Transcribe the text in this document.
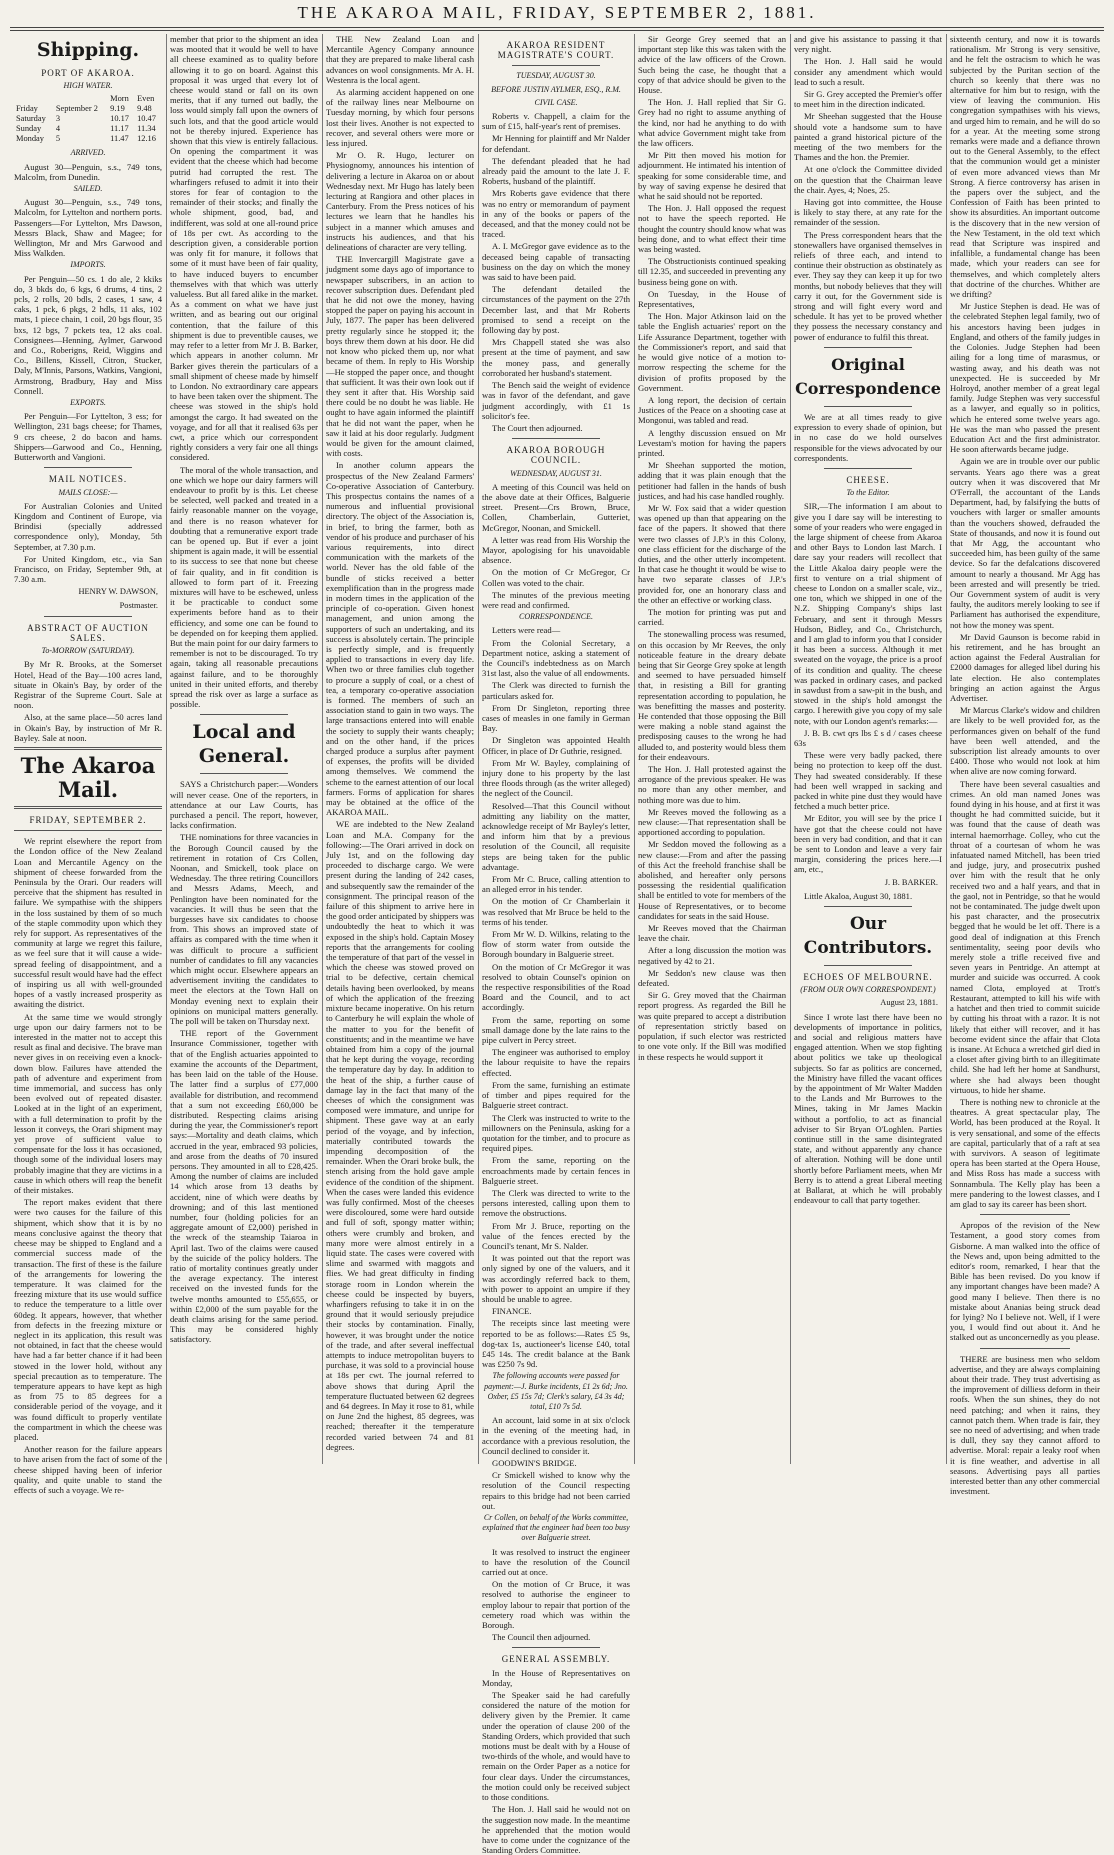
THE AKAROA MAIL, FRIDAY, SEPTEMBER 2, 1881.
Shipping.
PORT OF AKAROA.
HIGH WATER.
		Morn	Even
Friday	September 2	9.19	9.48
Saturday	3	10.17	10.47
Sunday	4	11.17	11.34
Monday	5	11.47	12.16
ARRIVED.

August 30—Penguin, s.s., 749 tons, Malcolm, from Dunedin.

SAILED.

August 30—Penguin, s.s., 749 tons, Malcolm, for Lyttelton and northern ports. Passengers—For Lyttelton, Mrs Dawson, Messrs Black, Shaw and Magee; for Wellington, Mr and Mrs Garwood and Miss Walkden.

IMPORTS.

Per Penguin—50 cs. 1 do ale, 2 kkiks do, 3 bkds do, 6 kgs, 6 drums, 4 tins, 2 pcls, 2 rolls, 20 bdls, 2 cases, 1 saw, 4 caks, 1 pck, 6 pkgs, 2 hdls, 11 aks, 102 mats, 1 piece chain, 1 coil, 20 bgs flour, 35 bxs, 12 bgs, 7 pckets tea, 12 aks coal. Consignees—Henning, Aylmer, Garwood and Co., Roberigns, Reid, Wiggins and Co., Billens, Kissell, Citron, Stucker, Daly, M'Innis, Parsons, Watkins, Vangioni, Armstrong, Bradbury, Hay and Miss Connell.

EXPORTS.

Per Penguin—For Lyttelton, 3 ess; for Wellington, 231 bags cheese; for Thames, 9 crs cheese, 2 do bacon and hams. Shippers—Garwood and Co., Henning, Butterworth and Vangioni.

MAIL NOTICES.
MAILS CLOSE:—

For Australian Colonies and United Kingdom and Continent of Europe, via Brindisi (specially addressed correspondence only), Monday, 5th September, at 7.30 p.m.

For United Kingdom, etc., via San Francisco, on Friday, September 9th, at 7.30 a.m.

HENRY W. DAWSON,
Postmaster.
ABSTRACT OF AUCTION SALES.
To-MORROW (SATURDAY).

By Mr R. Brooks, at the Somerset Hotel, Head of the Bay—100 acres land, situate in Okain's Bay, by order of the Registrar of the Supreme Court. Sale at noon.

Also, at the same place—50 acres land in Okain's Bay, by instruction of Mr R. Bayley. Sale at noon.

The Akaroa Mail.
FRIDAY, SEPTEMBER 2.

We reprint elsewhere the report from the London office of the New Zealand Loan and Mercantile Agency on the shipment of cheese forwarded from the Peninsula by the Orari. Our readers will perceive that the shipment has resulted in failure. We sympathise with the shippers in the loss sustained by them of so much of the staple commodity upon which they rely for support. As representatives of the community at large we regret this failure, as we feel sure that it will cause a wide-spread feeling of disappointment, and a successful result would have had the effect of inspiring us all with well-grounded hopes of a vastly increased prosperity as awaiting the district.

At the same time we would strongly urge upon our dairy farmers not to be interested in the matter not to accept this result as final and decisive. The brave man never gives in on receiving even a knock-down blow. Failures have attended the path of adventure and experiment from time immemorial, and success has only been evolved out of repeated disaster. Looked at in the light of an experiment, with a full determination to profit by the lesson it conveys, the Orari shipment may yet prove of sufficient value to compensate for the loss it has occasioned, though some of the individual losers may probably imagine that they are victims in a cause in which others will reap the benefit of their mistakes.

The report makes evident that there were two causes for the failure of this shipment, which show that it is by no means conclusive against the theory that cheese may be shipped to England and a commercial success made of the transaction. The first of these is the failure of the arrangements for lowering the temperature. It was claimed for the freezing mixture that its use would suffice to reduce the temperature to a little over 60deg. It appears, however, that whether from defects in the freezing mixture or neglect in its application, this result was not obtained, in fact that the cheese would have had a far better chance if it had been stowed in the lower hold, without any special precaution as to temperature. The temperature appears to have kept as high as from 75 to 85 degrees for a considerable period of the voyage, and it was found difficult to properly ventilate the compartment in which the cheese was placed.

Another reason for the failure appears to have arisen from the fact of some of the cheese shipped having been of inferior quality, and quite unable to stand the effects of such a voyage. We re-

member that prior to the shipment an idea was mooted that it would be well to have all cheese examined as to quality before allowing it to go on board. Against this proposal it was urged that every lot of cheese would stand or fall on its own merits, that if any turned out badly, the loss would simply fall upon the owners of such lots, and that the good article would not be thereby injured. Experience has shown that this view is entirely fallacious. On opening the compartment it was evident that the cheese which had become putrid had corrupted the rest. The wharfingers refused to admit it into their stores for fear of contagion to the remainder of their stocks; and finally the whole shipment, good, bad, and indifferent, was sold at one all-round price of 18s per cwt. As according to the description given, a considerable portion was only fit for manure, it follows that some of it must have been of fair quality, to have induced buyers to encumber themselves with that which was utterly valueless. But all fared alike in the market. As a comment on what we have just written, and as bearing out our original contention, that the failure of this shipment is due to preventible causes, we may refer to a letter from Mr J. B. Barker, which appears in another column. Mr Barker gives therein the particulars of a small shipment of cheese made by himself to London. No extraordinary care appears to have been taken over the shipment. The cheese was stowed in the ship's hold amongst the cargo. It had sweated on the voyage, and for all that it realised 63s per cwt, a price which our correspondent rightly considers a very fair one all things considered.

The moral of the whole transaction, and one which we hope our dairy farmers will endeavour to profit by is this. Let cheese be selected, well packed and treated in a fairly reasonable manner on the voyage, and there is no reason whatever for doubting that a remunerative export trade can be opened up. But if ever a joint shipment is again made, it will be essential to its success to see that none but cheese of fair quality, and in fit condition is allowed to form part of it. Freezing mixtures will have to be eschewed, unless it be practicable to conduct some experiments before hand as to their efficiency, and some one can be found to be depended on for keeping them applied. But the main point for our dairy farmers to remember is not to be discouraged. To try again, taking all reasonable precautions against failure, and to be thoroughly united in their united efforts, and thereby spread the risk over as large a surface as possible.

Local and General.

SAYS a Christchurch paper:—Wonders will never cease. One of the reporters, in attendance at our Law Courts, has purchased a pencil. The report, however, lacks confirmation.

THE nominations for three vacancies in the Borough Council caused by the retirement in rotation of Crs Collen, Noonan, and Smickell, took place on Wednesday. The three retiring Councillors and Messrs Adams, Meech, and Penlington have been nominated for the vacancies. It will thus be seen that the burgesses have six candidates to choose from. This shows an improved state of affairs as compared with the time when it was difficult to procure a sufficient number of candidates to fill any vacancies which might occur. Elsewhere appears an advertisement inviting the candidates to meet the electors at the Town Hall on Monday evening next to explain their opinions on municipal matters generally. The poll will be taken on Thursday next.

THE report of the Government Insurance Commissioner, together with that of the English actuaries appointed to examine the accounts of the Department, has been laid on the table of the House. The latter find a surplus of £77,000 available for distribution, and recommend that a sum not exceeding £60,000 be distributed. Respecting claims arising during the year, the Commissioner's report says:—Mortality and death claims, which accrued in the year, embraced 93 policies, and arose from the deaths of 70 insured persons. They amounted in all to £28,425. Among the number of claims are included 14 which arose from 13 deaths by accident, nine of which were deaths by drowning; and of this last mentioned number, four (holding policies for an aggregate amount of £2,000) perished in the wreck of the steamship Taiaroa in April last. Two of the claims were caused by the suicide of the policy holders. The ratio of mortality continues greatly under the average expectancy. The interest received on the invested funds for the twelve months amounted to £55,655, or within £2,000 of the sum payable for the death claims arising for the same period. This may be considered highly satisfactory.

THE New Zealand Loan and Mercantile Agency Company announce that they are prepared to make liberal cash advances on wool consignments. Mr A. H. Westenra is the local agent.

As alarming accident happened on one of the railway lines near Melbourne on Tuesday morning, by which four persons lost their lives. Another is not expected to recover, and several others were more or less injured.

Mr O. R. Hugo, lecturer on Physiognomy, announces his intention of delivering a lecture in Akaroa on or about Wednesday next. Mr Hugo has lately been lecturing at Rangiora and other places in Canterbury. From the Press notices of his lectures we learn that he handles his subject in a manner which amuses and instructs his audiences, and that his delineations of character are very telling.

THE Invercargill Magistrate gave a judgment some days ago of importance to newspaper subscribers, in an action to recover subscription dues. Defendant pled that he did not owe the money, having stopped the paper on paying his account in July, 1877. The paper has been delivered pretty regularly since he stopped it; the boys threw them down at his door. He did not know who picked them up, nor what became of them. In reply to His Worship—He stopped the paper once, and thought that sufficient. It was their own look out if they sent it after that. His Worship said there could be no doubt he was liable. He ought to have again informed the plaintiff that he did not want the paper, when he saw it laid at his door regularly. Judgment would be given for the amount claimed, with costs.

In another column appears the prospectus of the New Zealand Farmers' Co-operative Association of Canterbury. This prospectus contains the names of a numerous and influential provisional directory. The object of the Association is, in brief, to bring the farmer, both as vendor of his produce and purchaser of his various requirements, into direct communication with the markets of the world. Never has the old fable of the bundle of sticks received a better exemplification than in the progress made in modern times in the application of the principle of co-operation. Given honest management, and union among the supporters of such an undertaking, and its success is absolutely certain. The principle is perfectly simple, and is frequently applied to transactions in every day life. When two or three families club together to procure a supply of coal, or a chest of tea, a temporary co-operative association is formed. The members of such an association stand to gain in two ways. The large transactions entered into will enable the society to supply their wants cheaply; and on the other hand, if the prices charged produce a surplus after payment of expenses, the profits will be divided among themselves. We commend the scheme to the earnest attention of our local farmers. Forms of application for shares may be obtained at the office of the AKAROA MAIL.

WE are indebted to the New Zealand Loan and M.A. Company for the following:—The Orari arrived in dock on July 1st, and on the following day proceeded to discharge cargo. We were present during the landing of 242 cases, and subsequently saw the remainder of the consignment. The principal reason of the failure of this shipment to arrive here in the good order anticipated by shippers was undoubtedly the heat to which it was exposed in the ship's hold. Captain Mosey reports that the arrangements for cooling the temperature of that part of the vessel in which the cheese was stowed proved on trial to be defective, certain chemical details having been overlooked, by means of which the application of the freezing mixture became inoperative. On his return to Canterbury he will explain the whole of the matter to you for the benefit of constituents; and in the meantime we have obtained from him a copy of the journal that he kept during the voyage, recording the temperature day by day. In addition to the heat of the ship, a further cause of damage lay in the fact that many of the cheeses of which the consignment was composed were immature, and unripe for shipment. These gave way at an early period of the voyage, and by infection, materially contributed towards the impending decomposition of the remainder. When the Orari broke bulk, the stench arising from the hold gave ample evidence of the condition of the shipment. When the cases were landed this evidence was fully confirmed. Most of the cheeses were discoloured, some were hard outside and full of soft, spongy matter within; others were crumbly and broken, and many more were almost entirely in a liquid state. The cases were covered with slime and swarmed with maggots and flies. We had great difficulty in finding storage room in London wherein the cheese could be inspected by buyers, wharfingers refusing to take it in on the ground that it would seriously prejudice their stocks by contamination. Finally, however, it was brought under the notice of the trade, and after several ineffectual attempts to induce metropolitan buyers to purchase, it was sold to a provincial house at 18s per cwt. The journal referred to above shows that during April the temperature fluctuated between 62 degrees and 64 degrees. In May it rose to 81, while on June 2nd the highest, 85 degrees, was reached; thereafter it the temperature recorded varied between 74 and 81 degrees.

AKAROA RESIDENT MAGISTRATE'S COURT.
TUESDAY, AUGUST 30.
BEFORE JUSTIN AYLMER, ESQ., R.M.
CIVIL CASE.

Roberts v. Chappell, a claim for the sum of £15, half-year's rent of premises.

Mr Henning for plaintiff and Mr Nalder for defendant.

The defendant pleaded that he had already paid the amount to the late J. F. Roberts, husband of the plaintiff.

Mrs Roberts gave evidence that there was no entry or memorandum of payment in any of the books or papers of the deceased, and that the money could not be traced.

A. I. McGregor gave evidence as to the deceased being capable of transacting business on the day on which the money was said to have been paid.

The defendant detailed the circumstances of the payment on the 27th December last, and that Mr Roberts promised to send a receipt on the following day by post.

Mrs Chappell stated she was also present at the time of payment, and saw the money pass, and generally corroborated her husband's statement.

The Bench said the weight of evidence was in favor of the defendant, and gave judgment accordingly, with £1 1s solicitor's fee.

The Court then adjourned.

AKAROA BOROUGH COUNCIL.
WEDNESDAY, AUGUST 31.

A meeting of this Council was held on the above date at their Offices, Balguerie street. Present—Crs Brown, Bruce, Collen, Chamberlain, Gutteriet, McGregor, Noonan, and Smickell.

A letter was read from His Worship the Mayor, apologising for his unavoidable absence.

On the motion of Cr McGregor, Cr Collen was voted to the chair.

The minutes of the previous meeting were read and confirmed.

CORRESPONDENCE.

Letters were read—

From the Colonial Secretary, a Department notice, asking a statement of the Council's indebtedness as on March 31st last, also the value of all endowments.

The Clerk was directed to furnish the particulars asked for.

From Dr Singleton, reporting three cases of measles in one family in German Bay.

Dr Singleton was appointed Health Officer, in place of Dr Guthrie, resigned.

From Mr W. Bayley, complaining of injury done to his property by the last three floods through (as the writer alleged) the neglect of the Council.

Resolved—That this Council without admitting any liability on the matter, acknowledge receipt of Mr Bayley's letter, and inform him that by a previous resolution of the Council, all requisite steps are being taken for the public advantage.

From Mr C. Bruce, calling attention to an alleged error in his tender.

On the motion of Cr Chamberlain it was resolved that Mr Bruce be held to the terms of his tender.

From Mr W. D. Wilkins, relating to the flow of storm water from outside the Borough boundary in Balguerie street.

On the motion of Cr McGregor it was resolved to obtain Counsel's opinion on the respective responsibilities of the Road Board and the Council, and to act accordingly.

From the same, reporting on some small damage done by the late rains to the pipe culvert in Percy street.

The engineer was authorised to employ the labour requisite to have the repairs effected.

From the same, furnishing an estimate of timber and pipes required for the Balguerie street contract.

The Clerk was instructed to write to the millowners on the Peninsula, asking for a quotation for the timber, and to procure as required pipes.

From the same, reporting on the encroachments made by certain fences in Balguerie street.

The Clerk was directed to write to the persons interested, calling upon them to remove the obstructions.

From Mr J. Bruce, reporting on the value of the fences erected by the Council's tenant, Mr S. Nalder.

It was pointed out that the report was only signed by one of the valuers, and it was accordingly referred back to them, with power to appoint an umpire if they should be unable to agree.

FINANCE.

The receipts since last meeting were reported to be as follows:—Rates £5 9s, dog-tax 1s, auctioneer's license £40, total £45 14s. The credit balance at the Bank was £250 7s 9d.

The following accounts were passed for payment:—J. Burke incidents, £1 2s 6d; Jno. Oxber, £5 15s 7d; Clerk's salary, £4 3s 4d; total, £10 7s 5d.

An account, laid some in at six o'clock in the evening of the meeting had, in accordance with a previous resolution, the Council declined to consider it.

GOODWIN'S BRIDGE.

Cr Smickell wished to know why the resolution of the Council respecting repairs to this bridge had not been carried out.

Cr Collen, on behalf of the Works committee, explained that the engineer had been too busy over Balguerie street.

It was resolved to instruct the engineer to have the resolution of the Council carried out at once.

On the motion of Cr Bruce, it was resolved to authorise the engineer to employ labour to repair that portion of the cemetery road which was within the Borough.

The Council then adjourned.

GENERAL ASSEMBLY.

In the House of Representatives on Monday,

The Speaker said he had carefully considered the nature of the motion for delivery given by the Premier. It came under the operation of clause 200 of the Standing Orders, which provided that such motions must be dealt with by a House of two-thirds of the whole, and would have to remain on the Order Paper as a notice for four clear days. Under the circumstances, the motion could only be received subject to those conditions.

The Hon. J. Hall said he would not on the suggestion now made. In the meantime he apprehended that the motion would have to come under the cognizance of the Standing Orders Committee.

Sir George Grey seemed that an important step like this was taken with the advice of the law officers of the Crown. Such being the case, he thought that a copy of that advice should be given to the House.

The Hon. J. Hall replied that Sir G. Grey had no right to assume anything of the kind, nor had he anything to do with what advice Government might take from the law officers.

Mr Pitt then moved his motion for adjournment. He intimated his intention of speaking for some considerable time, and by way of saving expense he desired that what he said should not be reported.

The Hon. J. Hall opposed the request not to have the speech reported. He thought the country should know what was being done, and to what effect their time was being wasted.

The Obstructionists continued speaking till 12.35, and succeeded in preventing any business being gone on with.

On Tuesday, in the House of Representatives,

The Hon. Major Atkinson laid on the table the English actuaries' report on the Life Assurance Department, together with the Commissioner's report, and said that he would give notice of a motion to-morrow respecting the scheme for the division of profits proposed by the Government.

A long report, the decision of certain Justices of the Peace on a shooting case at Mongonui, was tabled and read.

A lengthy discussion ensued on Mr Levestam's motion for having the papers printed.

Mr Sheehan supported the motion, adding that it was plain enough that the petitioner had fallen in the hands of bush justices, and had his case handled roughly.

Mr W. Fox said that a wider question was opened up than that appearing on the face of the papers. It showed that there were two classes of J.P.'s in this Colony, one class efficient for the discharge of the duties, and the other utterly incompetent. In that case he thought it would be wise to have two separate classes of J.P.'s provided for, one an honorary class and the other an effective or working class.

The motion for printing was put and carried.

The stonewalling process was resumed, on this occasion by Mr Reeves, the only noticeable feature in the dreary debate being that Sir George Grey spoke at length and seemed to have persuaded himself that, in resisting a Bill for granting representation according to population, he was benefitting the masses and posterity. He contended that those opposing the Bill were making a noble stand against the predisposing causes to the wrong he had alluded to, and posterity would bless them for their endeavours.

The Hon. J. Hall protested against the arrogance of the previous speaker. He was no more than any other member, and nothing more was due to him.

Mr Reeves moved the following as a new clause:—That representation shall be apportioned according to population.

Mr Seddon moved the following as a new clause:—From and after the passing of this Act the freehold franchise shall be abolished, and hereafter only persons possessing the residential qualification shall be entitled to vote for members of the House of Representatives, or to become candidates for seats in the said House.

Mr Reeves moved that the Chairman leave the chair.

After a long discussion the motion was negatived by 42 to 21.

Mr Seddon's new clause was then defeated.

Sir G. Grey moved that the Chairman report progress. As regarded the Bill he was quite prepared to accept a distribution of representation strictly based on population, if such elector was restricted to one vote only. If the Bill was modified in these respects he would support it

and give his assistance to passing it that very night.

The Hon. J. Hall said he would consider any amendment which would lead to such a result.

Sir G. Grey accepted the Premier's offer to meet him in the direction indicated.

Mr Sheehan suggested that the House should vote a handsome sum to have painted a grand historical picture of the meeting of the two members for the Thames and the hon. the Premier.

At one o'clock the Committee divided on the question that the Chairman leave the chair. Ayes, 4; Noes, 25.

Having got into committee, the House is likely to stay there, at any rate for the remainder of the session.

The Press correspondent hears that the stonewallers have organised themselves in reliefs of three each, and intend to continue their obstruction as obstinately as ever. They say they can keep it up for two months, but nobody believes that they will carry it out, for the Government side is strong and will fight every word and schedule. It has yet to be proved whether they possess the necessary constancy and power of endurance to fulfil this threat.

Original Correspondence

We are at all times ready to give expression to every shade of opinion, but in no case do we hold ourselves responsible for the views advocated by our correspondents.

CHEESE.
To the Editor.

SIR,—The information I am about to give you I dare say will be interesting to some of your readers who were engaged in the large shipment of cheese from Akaroa and other Bays to London last March. I dare say your readers will recollect that the Little Akaloa dairy people were the first to venture on a trial shipment of cheese to London on a smaller scale, viz., one ton, which we shipped in one of the N.Z. Shipping Company's ships last February, and sent it through Messrs Hudson, Bidley, and Co., Christchurch, and I am glad to inform you that I consider it has been a success. Although it met sweated on the voyage, the price is a proof of its condition and quality. The cheese was packed in ordinary cases, and packed in sawdust from a saw-pit in the bush, and stowed in the ship's hold amongst the cargo. I herewith give you copy of my sale note, with our London agent's remarks:—

J. B. B. cwt qrs lbs £ s d / cases cheese 63s

These were very badly packed, there being no protection to keep off the dust. They had sweated considerably. If these had been well wrapped in sacking and packed in white pine dust they would have fetched a much better price.

Mr Editor, you will see by the price I have got that the cheese could not have been in very bad condition, and that it can be sent to London and leave a very fair margin, considering the prices here.—I am, etc.,

J. B. BARKER.

Little Akaloa, August 30, 1881.

Our Contributors.
ECHOES OF MELBOURNE.
(FROM OUR OWN CORRESPONDENT.)
August 23, 1881.

Since I wrote last there have been no developments of importance in politics, and social and religious matters have engaged attention. When we stop fighting about politics we take up theological subjects. So far as politics are concerned, the Ministry have filled the vacant offices by the appointment of Mr Walter Madden to the Lands and Mr Burrowes to the Mines, taking in Mr James Mackin without a portfolio, to act as financial adviser to Sir Bryan O'Loghlen. Parties continue still in the same disintegrated state, and without apparently any chance of alteration. Nothing will be done until shortly before Parliament meets, when Mr Berry is to attend a great Liberal meeting at Ballarat, at which he will probably endeavour to call that party together.

sixteenth century, and now it is towards rationalism. Mr Strong is very sensitive, and he felt the ostracism to which he was subjected by the Puritan section of the church so keenly that there was no alternative for him but to resign, with the view of leaving the communion. His congregation sympathises with his views, and urged him to remain, and he will do so for a year. At the meeting some strong remarks were made and a defiance thrown out to the General Assembly, to the effect that the communion would get a minister of even more advanced views than Mr Strong. A fierce controversy has arisen in the papers over the subject, and the Confession of Faith has been printed to show its absurdities. An important outcome is the discovery that in the new version of the New Testament, in the old text which read that Scripture was inspired and infallible, a fundamental change has been made, which your readers can see for themselves, and which completely alters that doctrine of the churches. Whither are we drifting?

Mr Justice Stephen is dead. He was of the celebrated Stephen legal family, two of his ancestors having been judges in England, and others of the family judges in the Colonies. Judge Stephen had been ailing for a long time of marasmus, or wasting away, and his death was not unexpected. He is succeeded by Mr Holroyd, another member of a great legal family. Judge Stephen was very successful as a lawyer, and equally so in politics, which he entered some twelve years ago. He was the man who passed the present Education Act and the first administrator. He soon afterwards became judge.

Again we are in trouble over our public servants. Years ago there was a great outcry when it was discovered that Mr O'Ferrall, the accountant of the Lands Department, had, by falsifying the butts of vouchers with larger or smaller amounts than the vouchers showed, defrauded the State of thousands, and now it is found out that Mr Agg, the accountant who succeeded him, has been guilty of the same device. So far the defalcations discovered amount to nearly a thousand. Mr Agg has been arrested and will presently be tried. Our Government system of audit is very faulty, the auditors merely looking to see if Parliament has authorised the expenditure, not how the money was spent.

Mr David Gaunson is become rabid in his retirement, and he has brought an action against the Federal Australian for £2000 damages for alleged libel during his late election. He also contemplates bringing an action against the Argus Advertiser.

Mr Marcus Clarke's widow and children are likely to be well provided for, as the performances given on behalf of the fund have been well attended, and the subscription list already amounts to over £400. Those who would not look at him when alive are now coming forward.

There have been several casualties and crimes. An old man named Jones was found dying in his house, and at first it was thought he had committed suicide, but it was found that the cause of death was internal haemorrhage. Colley, who cut the throat of a courtesan of whom he was infatuated named Mitchell, has been tried and judge, jury, and prosecutrix pushed over him with the result that he only received two and a half years, and that in the gaol, not in Pentridge, so that he would not be contaminated. The judge dwelt upon his past character, and the prosecutrix begged that he would be let off. There is a good deal of indignation at this French sentimentality, seeing poor devils who merely stole a trifle received five and seven years in Pentridge. An attempt at murder and suicide was occurred. A cook named Clota, employed at Trott's Restaurant, attempted to kill his wife with a hatchet and then tried to commit suicide by cutting his throat with a razor. It is not likely that either will recover, and it has become evident since the affair that Clota is insane. At Echuca a wretched girl died in a closet after giving birth to an illegitimate child. She had left her home at Sandhurst, where she had always been thought virtuous, to hide her shame.

There is nothing new to chronicle at the theatres. A great spectacular play, The World, has been produced at the Royal. It is very sensational, and some of the effects are capital, particularly that of a raft at sea with survivors. A season of legitimate opera has been started at the Opera House, and Miss Ross has made a success with Sonnambula. The Kelly play has been a mere pandering to the lowest classes, and I am glad to say its career has been short.

Apropos of the revision of the New Testament, a good story comes from Gisborne. A man walked into the office of the News and, upon being admitted to the editor's room, remarked, I hear that the Bible has been revised. Do you know if any important changes have been made? A good many I believe. Then there is no mistake about Ananias being struck dead for lying? No I believe not. Well, if I were you, I would find out about it. And he stalked out as unconcernedly as you please.

THERE are business men who seldom advertise, and they are always complaining about their trade. They trust advertising as the improvement of dilliess deform in their roofs. When the sun shines, they do not need patching; and when it rains, they cannot patch them. When trade is fair, they see no need of advertising; and when trade is dull, they say they cannot afford to advertise. Moral: repair a leaky roof when it is fine weather, and advertise in all seasons. Advertising pays all parties interested better than any other commercial investment.
